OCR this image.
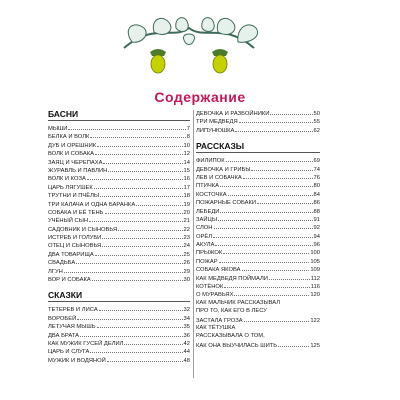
Содержание
БАСНИ
МЫШИ	7
БЕЛКА И ВОЛК	8
ДУБ И ОРЕШНИК	10
ВОЛК И СОБАКА	12
ЗАЯЦ И ЧЕРЕПАХА	14
ЖУРАВЛЬ И ПАВЛИН	15
ВОЛК И КОЗА	16
ЦАРЬ ЛЯГУШЕК	17
ТРУТНИ И ПЧЁЛЫ	18
ТРИ КАЛАЧА И ОДНА БАРАНКА	19
СОБАКА И ЕЁ ТЕНЬ	20
УЧЁНЫЙ СЫН	21
САДОВНИК И СЫНОВЬЯ	22
ИСТРЕБ И ГОЛУБИ	23
ОТЕЦ И СЫНОВЬЯ	24
ДВА ТОВАРИЩА	25
СВАДЬБА	26
ЛГУН	29
ВОР И СОБАКА	30
СКАЗКИ
ТЕТЕРЕВ И ЛИСА	32
ВОРОБЕЙ	34
ЛЕТУЧАЯ МЫШЬ	35
ДВА БРАТА	36
КАК МУЖИК ГУСЕЙ ДЕЛИЛ	42
ЦАРЬ И СЛУГА	44
МУЖИК И ВОДЯНОЙ	48
ДЕВОЧКА И РАЗБОЙНИКИ	50
ТРИ МЕДВЕДЯ	55
ЛИПУНЮШКА	62
РАССКАЗЫ
ФИЛИПОК	69
ДЕВОЧКА И ГРИБЫ	74
ЛЕВ И СОБАЧКА	76
ПТИЧКА	80
КОСТОЧКА	84
ПОЖАРНЫЕ СОБАКИ	86
ЛЕБЕДИ	88
ЗАЙЦЫ	91
СЛОН	92
ОРЁЛ	94
АКУЛА	96
ПРЫЖОК	100
ПОЖАР	105
СОБАКА ЯКОВА	109
КАК МЕДВЕДЯ ПОЙМАЛИ	112
КОТЁНОК	116
О МУРАВЬЯХ	120
КАК МАЛЬЧИК РАССКАЗЫВАЛ
ПРО ТО, КАК ЕГО В ЛЕСУ
ЗАСТАЛА ГРОЗА	122
КАК ТЁТУШКА
РАССКАЗЫВАЛА О ТОМ,
КАК ОНА ВЫУЧИЛАСЬ ШИТЬ	125
